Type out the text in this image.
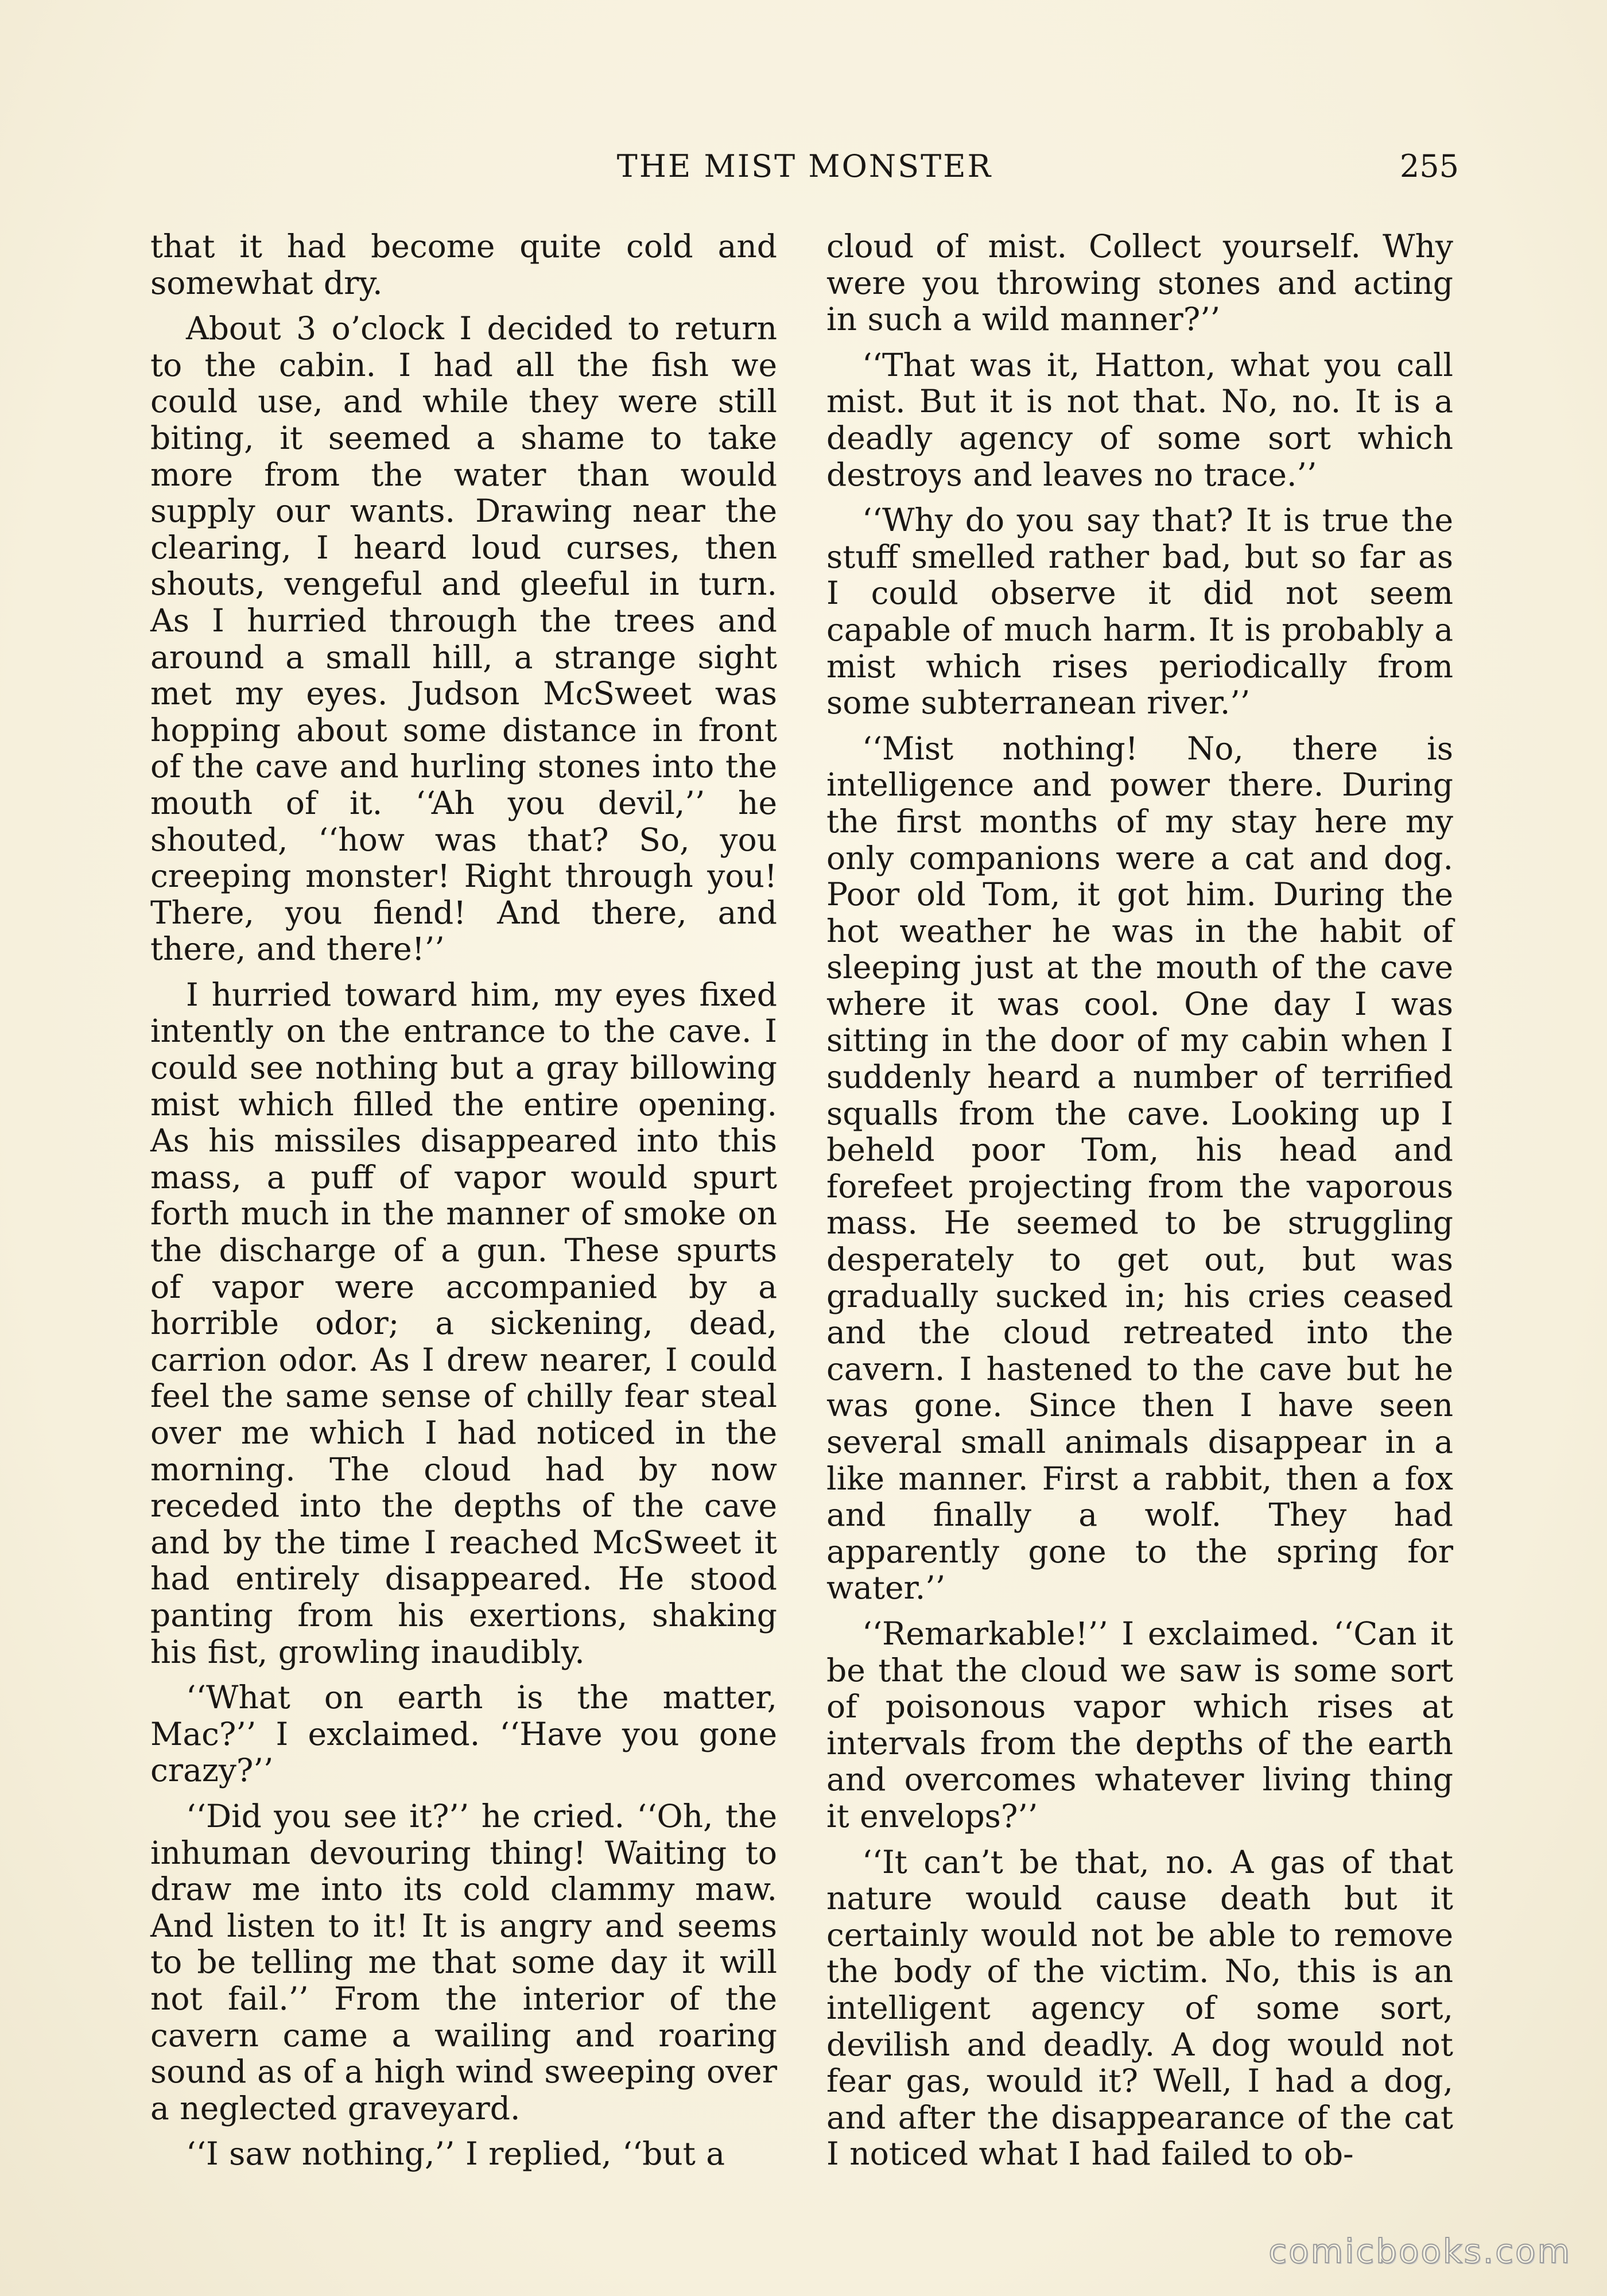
THE MIST MONSTER	255

that it had become quite cold and somewhat dry.

About 3 o’clock I decided to return to the cabin. I had all the fish we could use, and while they were still biting, it seemed a shame to take more from the water than would supply our wants. Drawing near the clearing, I heard loud curses, then shouts, vengeful and gleeful in turn. As I hurried through the trees and around a small hill, a strange sight met my eyes. Judson McSweet was hopping about some distance in front of the cave and hurling stones into the mouth of it. ‘‘Ah you devil,’’ he shouted, ‘‘how was that? So, you creeping monster! Right through you! There, you fiend! And there, and there, and there!’’

I hurried toward him, my eyes fixed intently on the entrance to the cave. I could see nothing but a gray billowing mist which filled the entire opening. As his missiles disappeared into this mass, a puff of vapor would spurt forth much in the manner of smoke on the discharge of a gun. These spurts of vapor were accompanied by a horrible odor; a sickening, dead, carrion odor. As I drew nearer, I could feel the same sense of chilly fear steal over me which I had noticed in the morning. The cloud had by now receded into the depths of the cave and by the time I reached McSweet it had entirely disappeared. He stood panting from his exertions, shaking his fist, growling inaudibly.

‘‘What on earth is the matter, Mac?’’ I exclaimed. ‘‘Have you gone crazy?’’

‘‘Did you see it?’’ he cried. ‘‘Oh, the inhuman devouring thing! Waiting to draw me into its cold clammy maw. And listen to it! It is angry and seems to be telling me that some day it will not fail.’’ From the interior of the cavern came a wailing and roaring sound as of a high wind sweeping over a neglected graveyard.

‘‘I saw nothing,’’ I replied, ‘‘but a

cloud of mist. Collect yourself. Why were you throwing stones and acting in such a wild manner?’’

‘‘That was it, Hatton, what you call mist. But it is not that. No, no. It is a deadly agency of some sort which destroys and leaves no trace.’’

‘‘Why do you say that? It is true the stuff smelled rather bad, but so far as I could observe it did not seem capable of much harm. It is probably a mist which rises periodically from some subterranean river.’’

‘‘Mist nothing! No, there is intelligence and power there. During the first months of my stay here my only companions were a cat and dog. Poor old Tom, it got him. During the hot weather he was in the habit of sleeping just at the mouth of the cave where it was cool. One day I was sitting in the door of my cabin when I suddenly heard a number of terrified squalls from the cave. Looking up I beheld poor Tom, his head and forefeet projecting from the vaporous mass. He seemed to be struggling desperately to get out, but was gradually sucked in; his cries ceased and the cloud retreated into the cavern. I hastened to the cave but he was gone. Since then I have seen several small animals disappear in a like manner. First a rabbit, then a fox and finally a wolf. They had apparently gone to the spring for water.’’

‘‘Remarkable!’’ I exclaimed. ‘‘Can it be that the cloud we saw is some sort of poisonous vapor which rises at intervals from the depths of the earth and overcomes whatever living thing it envelops?’’

‘‘It can’t be that, no. A gas of that nature would cause death but it certainly would not be able to remove the body of the victim. No, this is an intelligent agency of some sort, devilish and deadly. A dog would not fear gas, would it? Well, I had a dog, and after the disappearance of the cat I noticed what I had failed to ob-

comicbooks.com
